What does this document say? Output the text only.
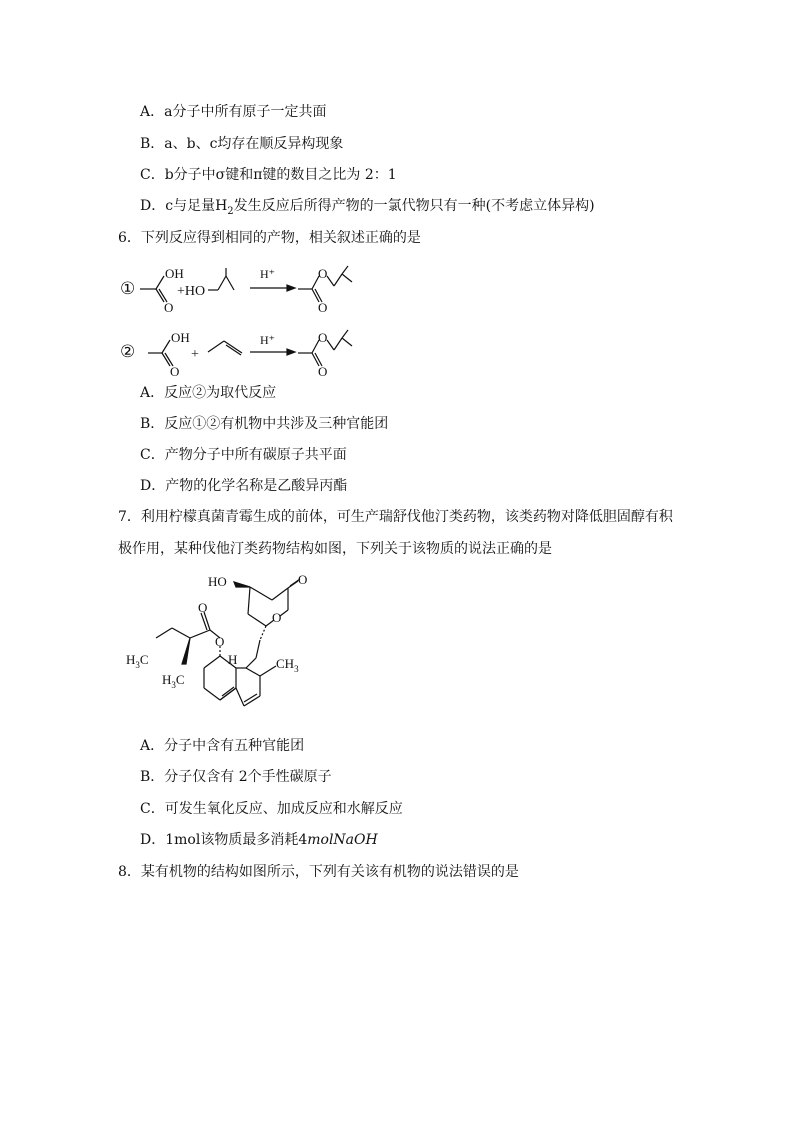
A．a分子中所有原子一定共面
B．a、b、c均存在顺反异构现象
C．b分子中σ键和π键的数目之比为 2：1
D．c与足量$H_2$发生反应后所得产物的一氯代物只有一种(不考虑立体异构)
6．下列反应得到相同的产物，相关叙述正确的是
①
OH
O
+HO
H⁺	O
O
②
OH
O
+
H⁺	O
O
A．反应②为取代反应
B．反应①②有机物中共涉及三种官能团
C．产物分子中所有碳原子共平面
D．产物的化学名称是乙酸异丙酯
7．利用柠檬真菌青霉生成的前体，可生产瑞舒伐他汀类药物，该类药物对降低胆固醇有积
极作用，某种伐他汀类药物结构如图，下列关于该物质的说法正确的是
HO	O
O
O
O
H
$H_3C$
$H_3C$
$CH_3$
A．分子中含有五种官能团
B．分子仅含有 2个手性碳原子
C．可发生氧化反应、加成反应和水解反应
D．1mol该物质最多消耗4molNaOH
8．某有机物的结构如图所示，下列有关该有机物的说法错误的是
